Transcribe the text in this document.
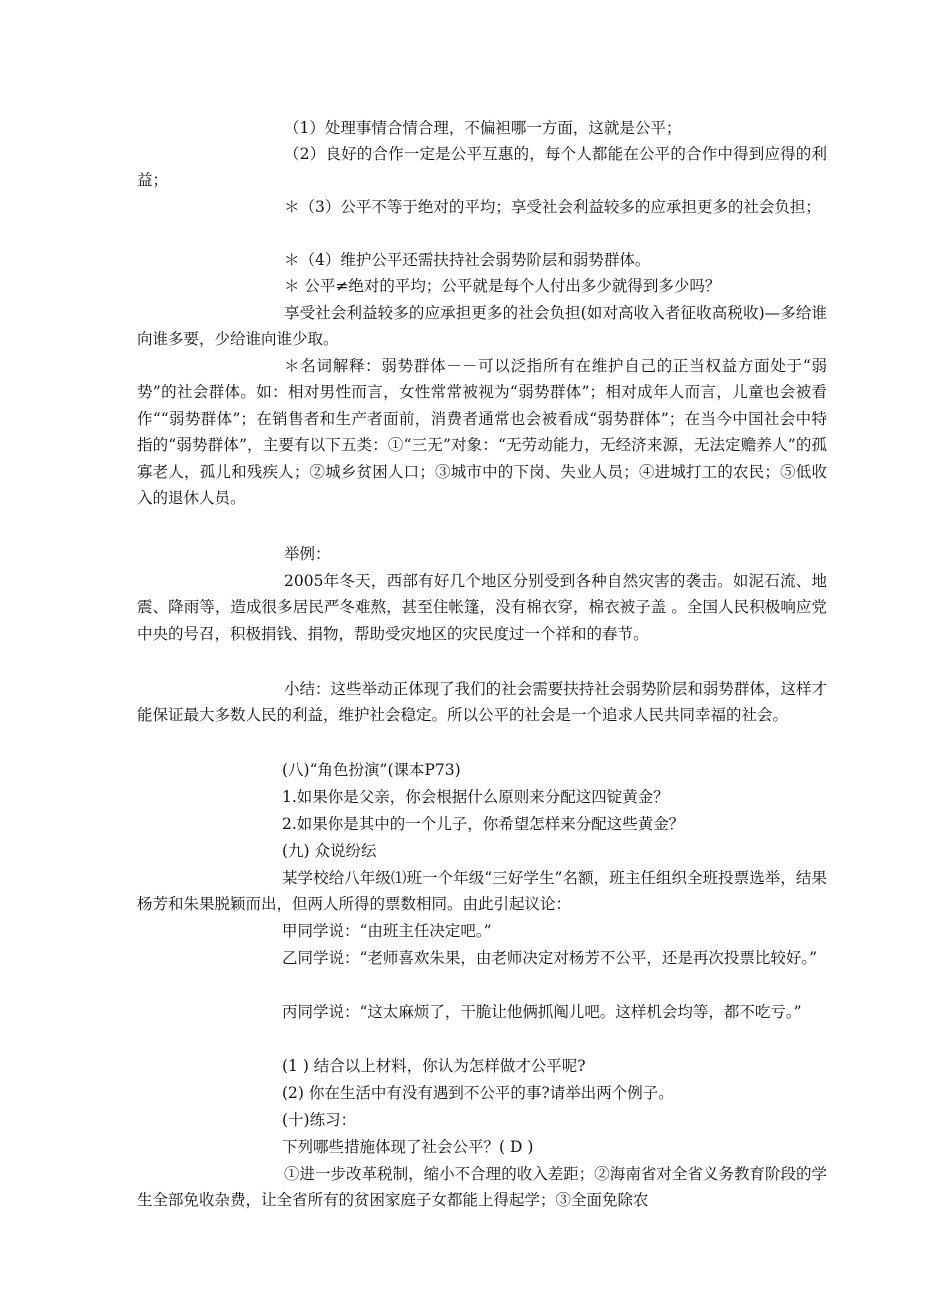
（1）处理事情合情合理，不偏袒哪一方面，这就是公平；

（2）良好的合作一定是公平互惠的，每个人都能在公平的合作中得到应得的利益；

＊（3）公平不等于绝对的平均；享受社会利益较多的应承担更多的社会负担；

＊（4）维护公平还需扶持社会弱势阶层和弱势群体。

＊ 公平≠绝对的平均；公平就是每个人付出多少就得到多少吗？

享受社会利益较多的应承担更多的社会负担(如对高收入者征收高税收)—多给谁向谁多要，少给谁向谁少取。

＊名词解释：弱势群体－－可以泛指所有在维护自己的正当权益方面处于“弱势”的社会群体。如：相对男性而言，女性常常被视为“弱势群体”；相对成年人而言，儿童也会被看作““弱势群体”；在销售者和生产者面前，消费者通常也会被看成“弱势群体”；在当今中国社会中特指的“弱势群体”，主要有以下五类：①“三无”对象：“无劳动能力，无经济来源，无法定赡养人”的孤寡老人，孤儿和残疾人；②城乡贫困人口；③城市中的下岗、失业人员；④进城打工的农民；⑤低收入的退休人员。

举例：

2005年冬天，西部有好几个地区分别受到各种自然灾害的袭击。如泥石流、地震、降雨等，造成很多居民严冬难熬，甚至住帐篷，没有棉衣穿，棉衣被子盖 。全国人民积极响应党中央的号召，积极捐钱、捐物，帮助受灾地区的灾民度过一个祥和的春节。

小结：这些举动正体现了我们的社会需要扶持社会弱势阶层和弱势群体，这样才能保证最大多数人民的利益，维护社会稳定。所以公平的社会是一个追求人民共同幸福的社会。

(八)“角色扮演”(课本P73)

1.如果你是父亲，你会根据什么原则来分配这四锭黄金？

2.如果你是其中的一个儿子，你希望怎样来分配这些黄金？

(九) 众说纷纭

某学校给八年级⑴班一个年级“三好学生”名额，班主任组织全班投票选举，结果杨芳和朱果脱颖而出，但两人所得的票数相同。由此引起议论：

甲同学说：“由班主任决定吧。”

乙同学说：“老师喜欢朱果，由老师决定对杨芳不公平，还是再次投票比较好。”

丙同学说：“这太麻烦了，干脆让他俩抓阄儿吧。这样机会均等，都不吃亏。”

(1 ) 结合以上材料，你认为怎样做才公平呢?

(2) 你在生活中有没有遇到不公平的事?请举出两个例子。

(十)练习：

下列哪些措施体现了社会公平？( D )

①进一步改革税制，缩小不合理的收入差距；②海南省对全省义务教育阶段的学生全部免收杂费，让全省所有的贫困家庭子女都能上得起学；③全面免除农
